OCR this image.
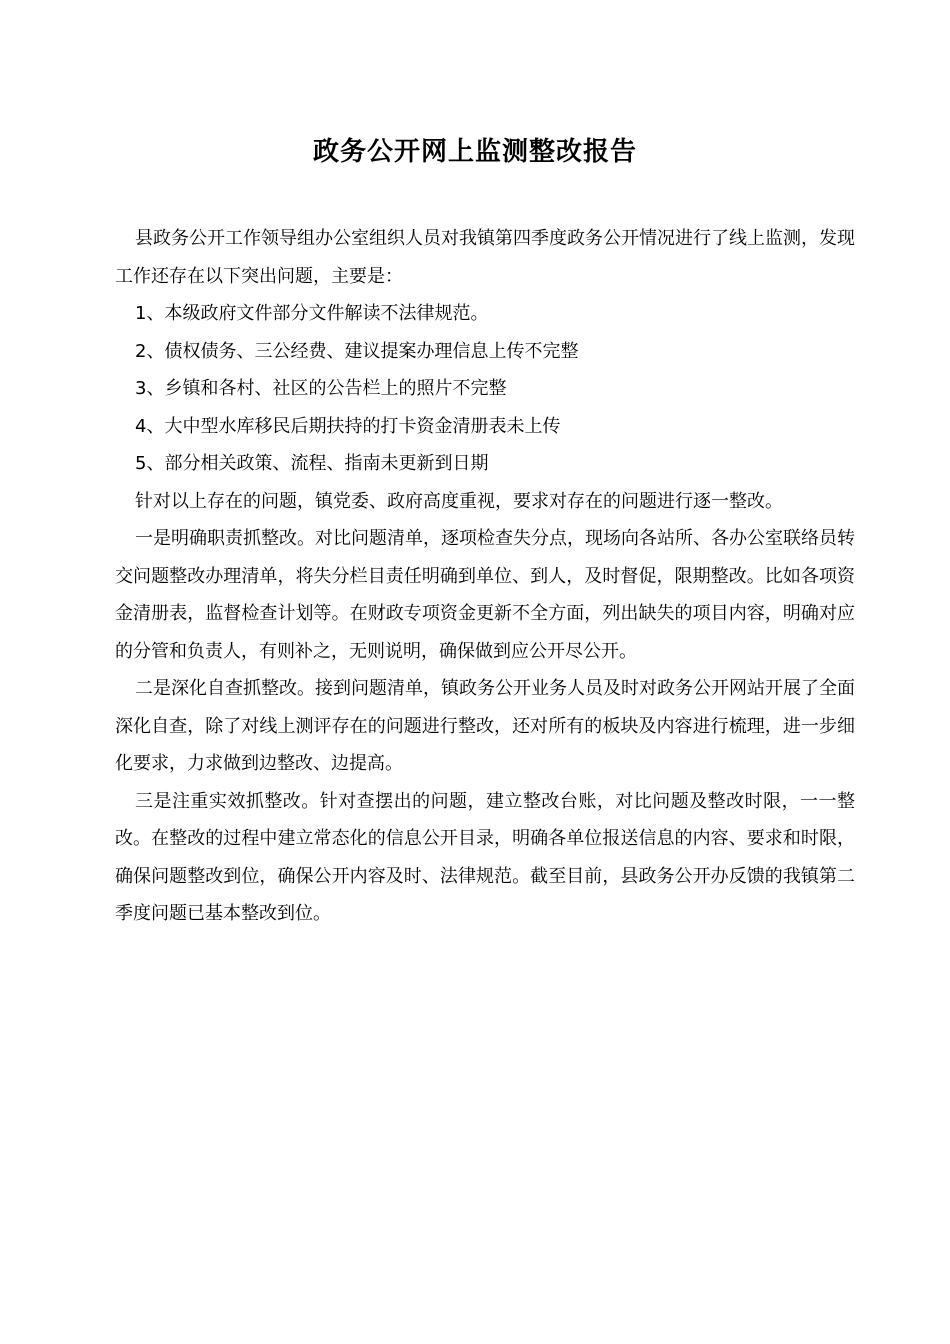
政务公开网上监测整改报告

县政务公开工作领导组办公室组织人员对我镇第四季度政务公开情况进行了线上监测，发现工作还存在以下突出问题，主要是：

1、本级政府文件部分文件解读不法律规范。

2、债权债务、三公经费、建议提案办理信息上传不完整

3、乡镇和各村、社区的公告栏上的照片不完整

4、大中型水库移民后期扶持的打卡资金清册表未上传

5、部分相关政策、流程、指南未更新到日期

针对以上存在的问题，镇党委、政府高度重视，要求对存在的问题进行逐一整改。

一是明确职责抓整改。对比问题清单，逐项检查失分点，现场向各站所、各办公室联络员转交问题整改办理清单，将失分栏目责任明确到单位、到人，及时督促，限期整改。比如各项资金清册表，监督检查计划等。在财政专项资金更新不全方面，列出缺失的项目内容，明确对应的分管和负责人，有则补之，无则说明，确保做到应公开尽公开。

二是深化自查抓整改。接到问题清单，镇政务公开业务人员及时对政务公开网站开展了全面深化自查，除了对线上测评存在的问题进行整改，还对所有的板块及内容进行梳理，进一步细化要求，力求做到边整改、边提高。

三是注重实效抓整改。针对查摆出的问题，建立整改台账，对比问题及整改时限，一一整改。在整改的过程中建立常态化的信息公开目录，明确各单位报送信息的内容、要求和时限，确保问题整改到位，确保公开内容及时、法律规范。截至目前，县政务公开办反馈的我镇第二季度问题已基本整改到位。
